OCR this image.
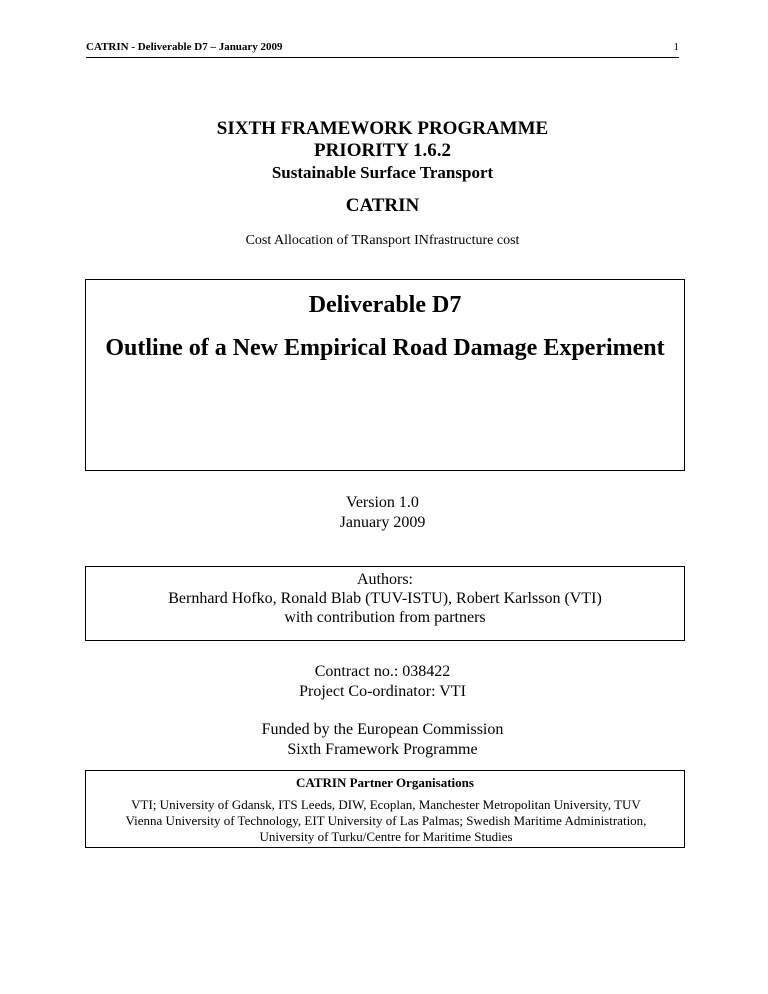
CATRIN - Deliverable D7 – January 2009	1
SIXTH FRAMEWORK PROGRAMME
PRIORITY 1.6.2
Sustainable Surface Transport
CATRIN
Cost Allocation of TRansport INfrastructure cost
Deliverable D7
Outline of a New Empirical Road Damage Experiment
Version 1.0
January 2009
Authors:
Bernhard Hofko, Ronald Blab (TUV-ISTU), Robert Karlsson (VTI)
with contribution from partners
Contract no.: 038422
Project Co-ordinator: VTI
Funded by the European Commission
Sixth Framework Programme
CATRIN Partner Organisations
VTI; University of Gdansk, ITS Leeds, DIW, Ecoplan, Manchester Metropolitan University, TUV
Vienna University of Technology, EIT University of Las Palmas; Swedish Maritime Administration,
University of Turku/Centre for Maritime Studies
